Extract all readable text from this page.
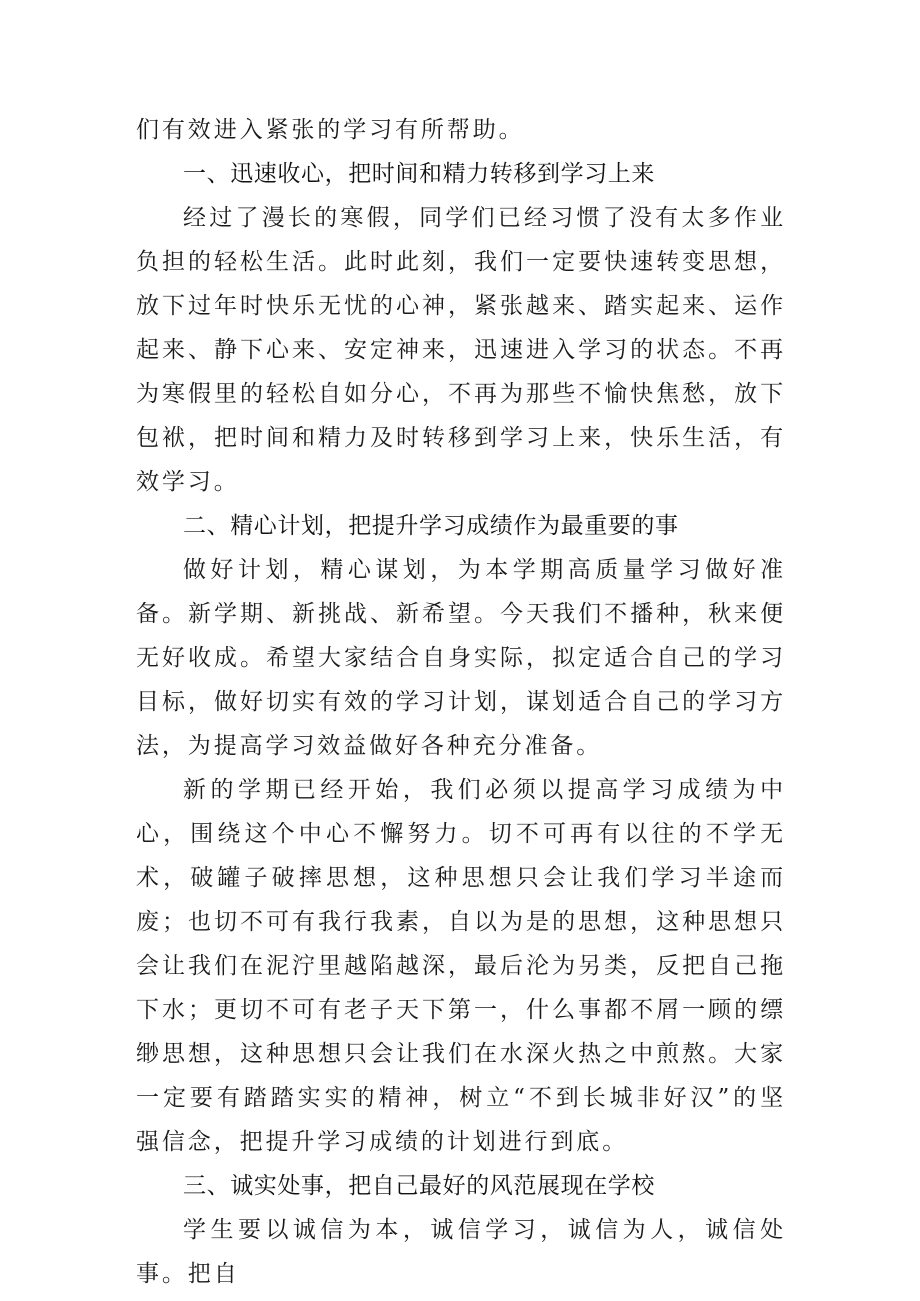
们有效进入紧张的学习有所帮助。

一、迅速收心，把时间和精力转移到学习上来

经过了漫长的寒假，同学们已经习惯了没有太多作业负担的轻松生活。此时此刻，我们一定要快速转变思想，放下过年时快乐无忧的心神，紧张越来、踏实起来、运作起来、静下心来、安定神来，迅速进入学习的状态。不再为寒假里的轻松自如分心，不再为那些不愉快焦愁，放下包袱，把时间和精力及时转移到学习上来，快乐生活，有效学习。

二、精心计划，把提升学习成绩作为最重要的事

做好计划，精心谋划，为本学期高质量学习做好准备。新学期、新挑战、新希望。今天我们不播种，秋来便无好收成。希望大家结合自身实际，拟定适合自己的学习目标，做好切实有效的学习计划，谋划适合自己的学习方法，为提高学习效益做好各种充分准备。

新的学期已经开始，我们必须以提高学习成绩为中心，围绕这个中心不懈努力。切不可再有以往的不学无术，破罐子破摔思想，这种思想只会让我们学习半途而废；也切不可有我行我素，自以为是的思想，这种思想只会让我们在泥泞里越陷越深，最后沦为另类，反把自己拖下水；更切不可有老子天下第一，什么事都不屑一顾的缥缈思想，这种思想只会让我们在水深火热之中煎熬。大家一定要有踏踏实实的精神，树立“不到长城非好汉”的坚强信念，把提升学习成绩的计划进行到底。

三、诚实处事，把自己最好的风范展现在学校

学生要以诚信为本，诚信学习，诚信为人，诚信处事。把自
